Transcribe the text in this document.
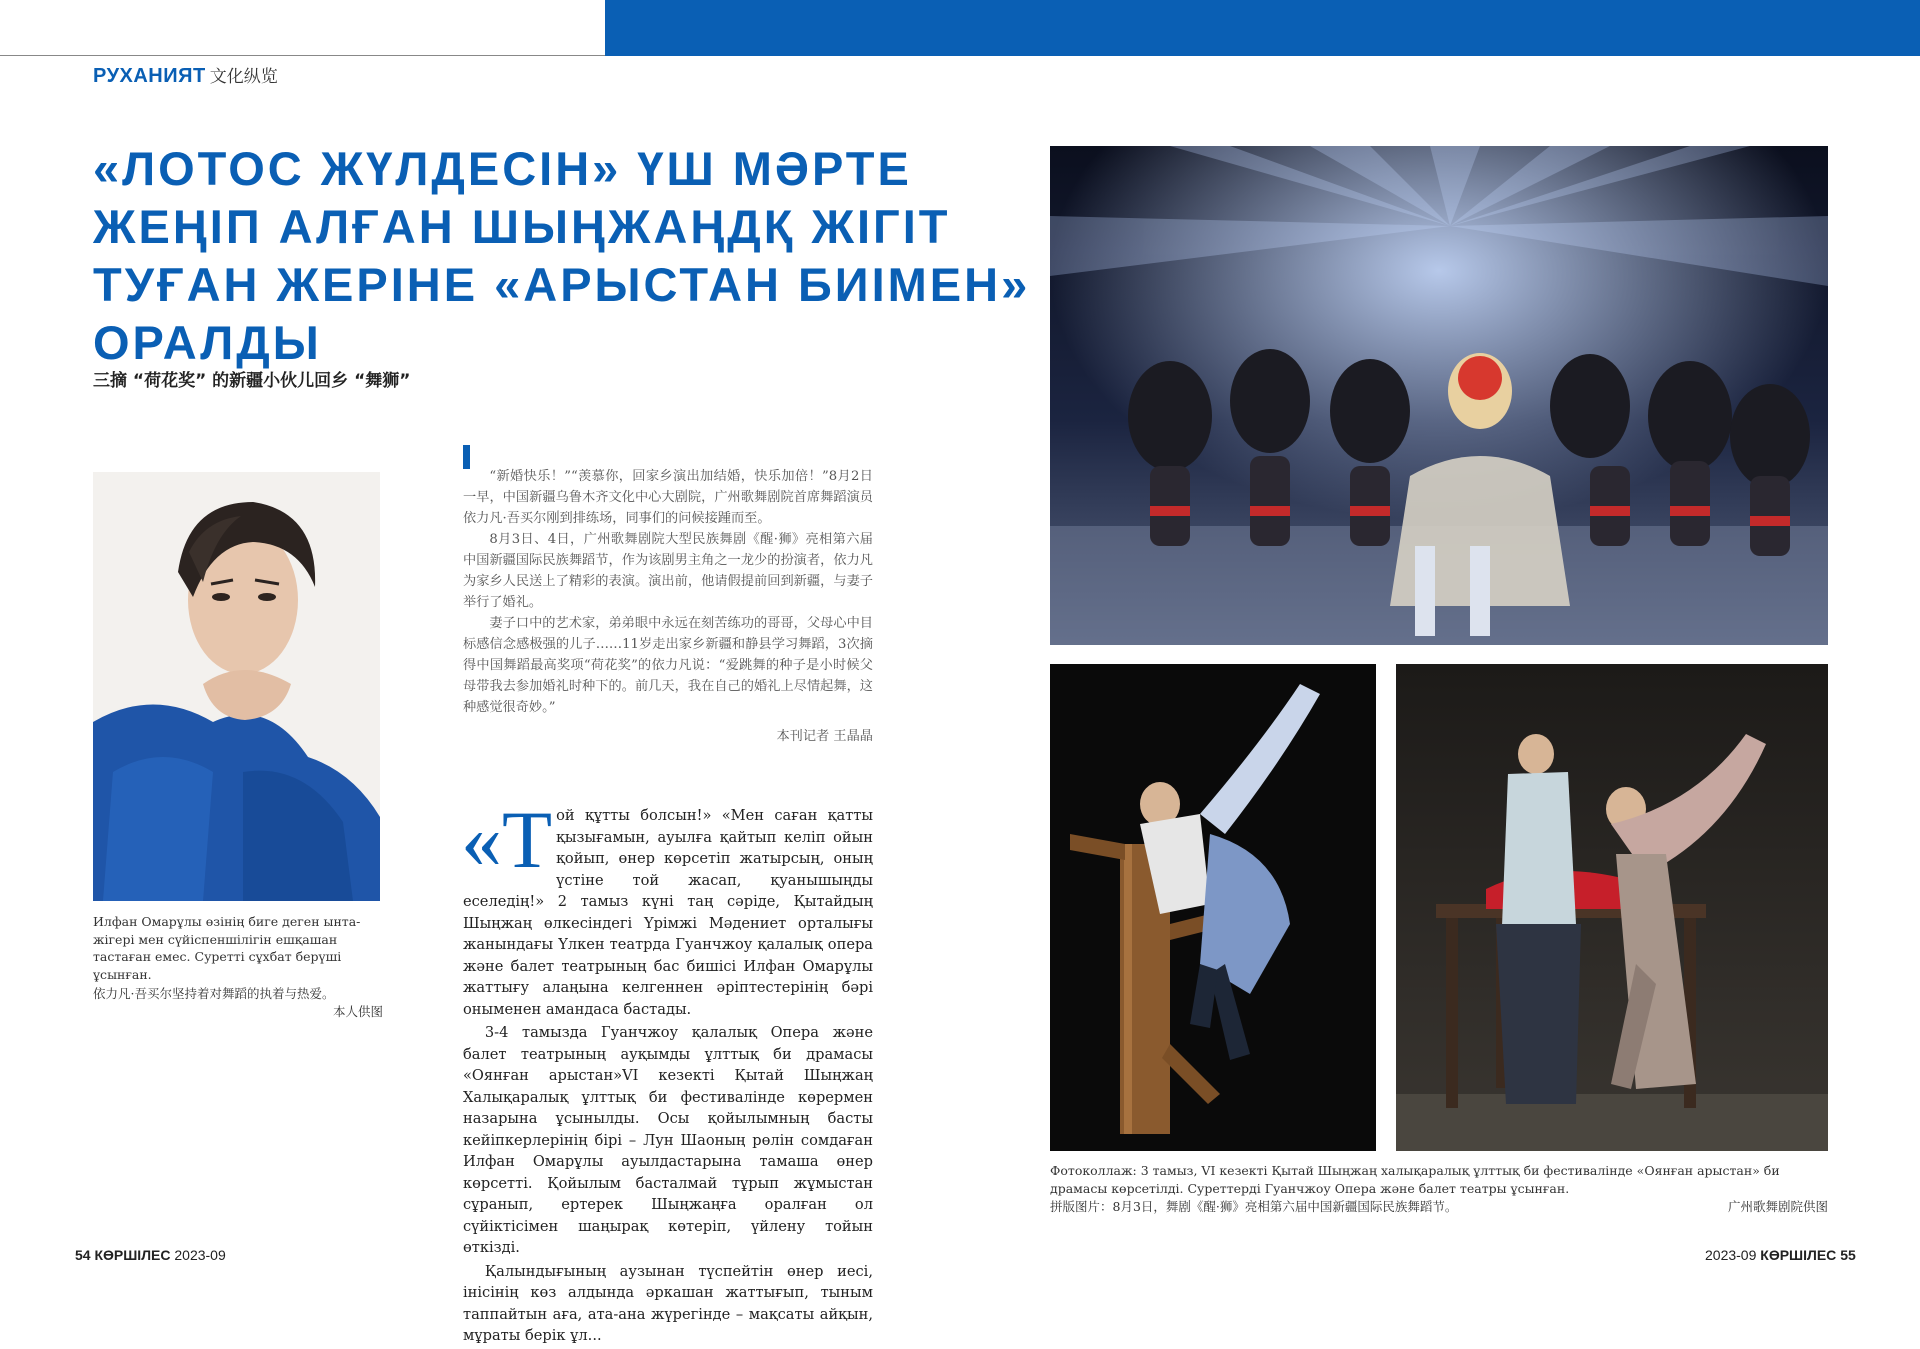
РУХАНИЯТ 文化纵览
«ЛОТОС ЖҮЛДЕСІН» ҮШ МӘРТЕ
ЖЕҢІП АЛҒАН ШЫҢЖАҢДҚ ЖІГІТ
ТУҒАН ЖЕРІНЕ «АРЫСТАН БИІМЕН»
ОРАЛДЫ
三摘 “荷花奖” 的新疆小伙儿回乡 “舞狮”
Илфан Омарұлы өзінің биге деген ынта-жігері мен сүйіспеншілігін ешқашан тастаған емес. Суретті сұхбат берүші ұсынған.
依力凡·吾买尔坚持着对舞蹈的执着与热爱。
本人供图

“新婚快乐！”“羡慕你，回家乡演出加结婚，快乐加倍！”8月2日一早，中国新疆乌鲁木齐文化中心大剧院，广州歌舞剧院首席舞蹈演员依力凡·吾买尔刚到排练场，同事们的问候接踵而至。

8月3日、4日，广州歌舞剧院大型民族舞剧《醒·狮》亮相第六届中国新疆国际民族舞蹈节，作为该剧男主角之一龙少的扮演者，依力凡为家乡人民送上了精彩的表演。演出前，他请假提前回到新疆，与妻子举行了婚礼。

妻子口中的艺术家，弟弟眼中永远在刻苦练功的哥哥，父母心中目标感信念感极强的儿子……11岁走出家乡新疆和静县学习舞蹈，3次摘得中国舞蹈最高奖项“荷花奖”的依力凡说：“爱跳舞的种子是小时候父母带我去参加婚礼时种下的。前几天，我在自己的婚礼上尽情起舞，这种感觉很奇妙。”

本刊记者 王晶晶

«Той құтты болсын!» «Мен саған қатты қызығамын, ауылға қайтып келіп ойын қойып, өнер көрсетіп жатырсың, оның үстіне той жасап, қуанышыңды еселедің!» 2 тамыз күні таң сәріде, Қытайдың Шыңжаң өлкесіндегі Үрімжі Мәдениет орталығы жанындағы Үлкен театрда Гуанчжоу қалалық опера және балет театрының бас бишісі Илфан Омарұлы жаттығу алаңына келгеннен әріптестерінің бәрі оныменен амандаса бастады.

3-4 тамызда Гуанчжоу қалалық Опера және балет театрының ауқымды ұлттық би драмасы «Оянған арыстан»VI кезекті Қытай Шыңжаң Халықаралық ұлттық би фестивалінде көрермен назарына ұсынылды. Осы қойылымның басты кейіпкерлерінің бірі – Лун Шаоның рөлін сомдаған Илфан Омарұлы ауылдастарына тамаша өнер көрсетті. Қойылым басталмай тұрып жұмыстан сұранып, ертерек Шыңжаңға оралған ол сүйіктісімен шаңырақ көтеріп, үйлену тойын өткізді.

Қалындығының аузынан түспейтін өнер иесі, інісінің көз алдында әркашан жаттығып, тыным таппайтын аға, ата-ана жүрегінде – мақсаты айқын, мұраты берік ұл...

Фотоколлаж: 3 тамыз, VI кезекті Қытай Шыңжаң халықаралық ұлттық би фестивалінде «Оянған арыстан» би драмасы көрсетілді. Суреттерді Гуанчжоу Опера және балет театры ұсынған.
拼版图片：8月3日，舞剧《醒·狮》亮相第六届中国新疆国际民族舞蹈节。	广州歌舞剧院供图
54 КӨРШІЛЕС 2023-09	2023-09 КӨРШІЛЕС 55
